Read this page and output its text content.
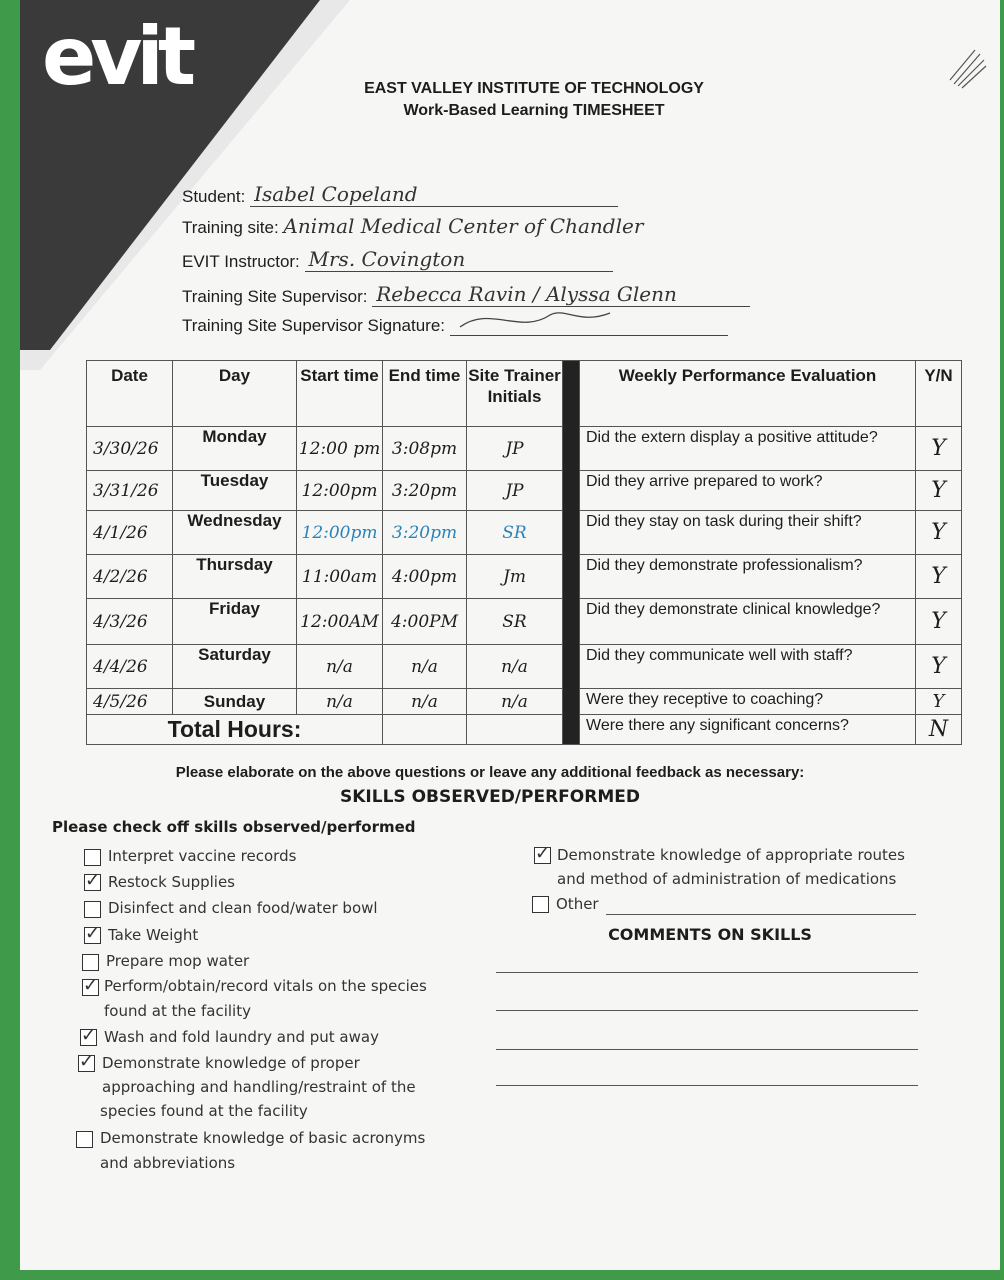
evit	EAST VALLEY INSTITUTE OF TECHNOLOGY
Work-Based Learning TIMESHEET
Student: Isabel Copeland
Training site: Animal Medical Center of Chandler
EVIT Instructor: Mrs. Covington
Training Site Supervisor: Rebecca Ravin / Alyssa Glenn
Training Site Supervisor Signature:
Date	Day	Start time	End time	Site Trainer Initials		Weekly Performance Evaluation	Y/N
3/30/26	Monday	12:00 pm	3:08pm	JP		Did the extern display a positive attitude?	Y
3/31/26	Tuesday	12:00pm	3:20pm	JP		Did they arrive prepared to work?	Y
4/1/26	Wednesday	12:00pm	3:20pm	SR		Did they stay on task during their shift?	Y
4/2/26	Thursday	11:00am	4:00pm	Jm		Did they demonstrate professionalism?	Y
4/3/26	Friday	12:00AM	4:00PM	SR		Did they demonstrate clinical knowledge?	Y
4/4/26	Saturday	n/a	n/a	n/a		Did they communicate well with staff?	Y
4/5/26	Sunday	n/a	n/a	n/a		Were they receptive to coaching?	Y
Total Hours:						Were there any significant concerns?	N
Please elaborate on the above questions or leave any additional feedback as necessary:
SKILLS OBSERVED/PERFORMED
Please check off skills observed/performed
Interpret vaccine records
✓
Restock Supplies
Disinfect and clean food/water bowl
✓
Take Weight
Prepare mop water
✓
Perform/obtain/record vitals on the species
found at the facility
✓
Wash and fold laundry and put away
✓
Demonstrate knowledge of proper
approaching and handling/restraint of the
species found at the facility
Demonstrate knowledge of basic acronyms
and abbreviations
✓
Demonstrate knowledge of appropriate routes
and method of administration of medications
Other
COMMENTS ON SKILLS
